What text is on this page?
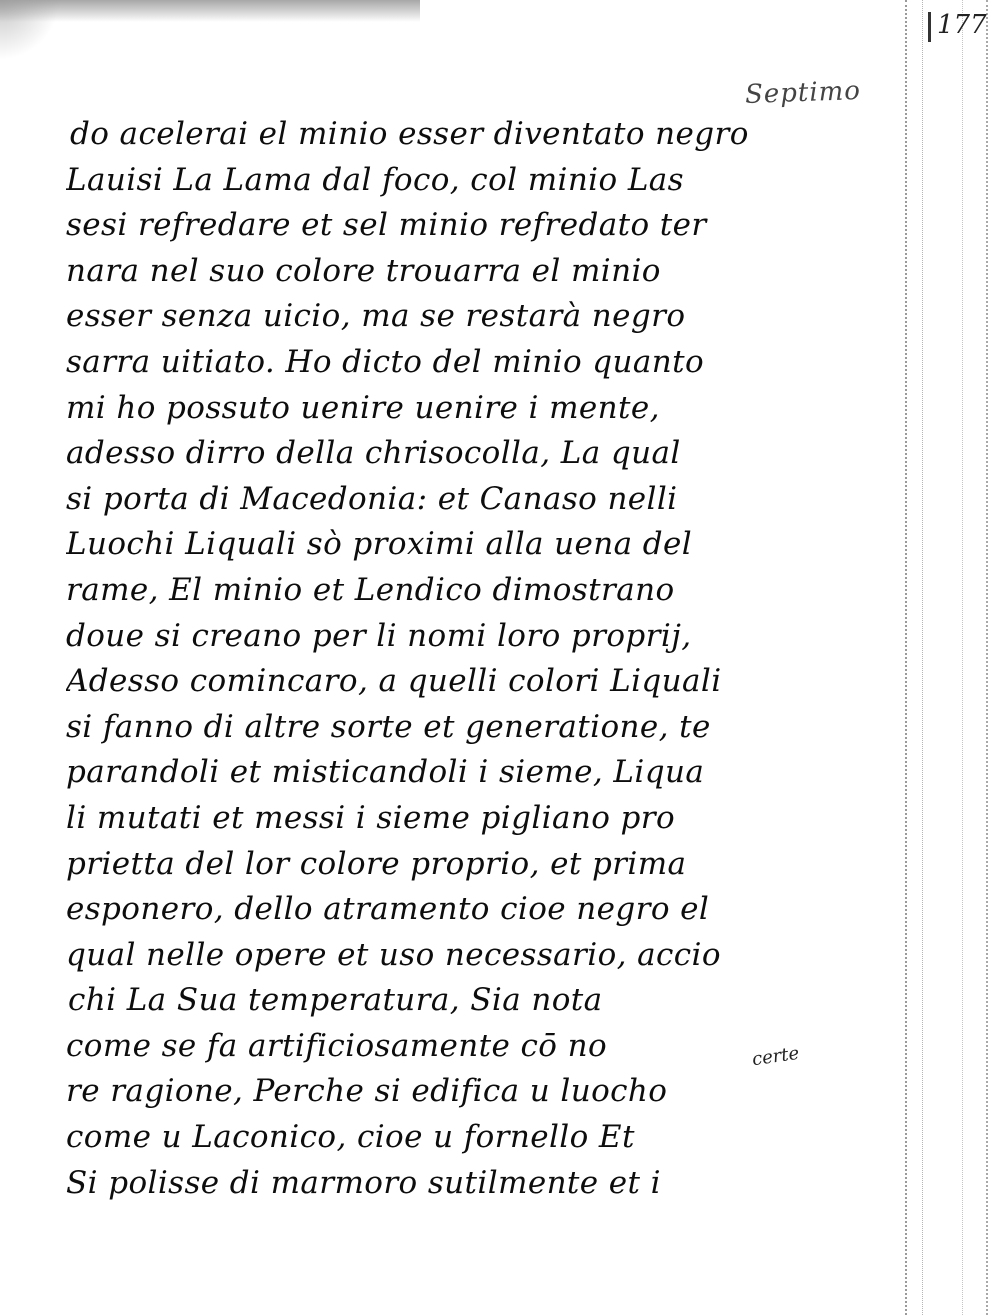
177
Septimo
do acelerai el minio esser diventato negro
Lauisi La Lama dal foco, col minio Las
sesi refredare et sel minio refredato ter
nara nel suo colore trouarra el minio
esser senza uicio, ma se restarà negro
sarra uitiato. Ho dicto del minio quanto
mi ho possuto uenire uenire i mente,
adesso dirro della chrisocolla, La qual
si porta di Macedonia: et Canaso nelli
Luochi Liquali sò proximi alla uena del
rame, El minio et Lendico dimostrano
doue si creano per li nomi loro proprij,
Adesso comincaro, a quelli colori Liquali
si fanno di altre sorte et generatione, te
parandoli et misticandoli i sieme, Liqua
li mutati et messi i sieme pigliano pro
prietta del lor colore proprio, et prima
esponero, dello atramento cioe negro el
qual nelle opere et uso necessario, accio
chi La Sua temperatura, Sia nota
come se fa artificiosamente cō no
re ragione, Perche si edifica u luocho
come u Laconico, cioe u fornello Et
Si polisse di marmoro sutilmente et i
certe
